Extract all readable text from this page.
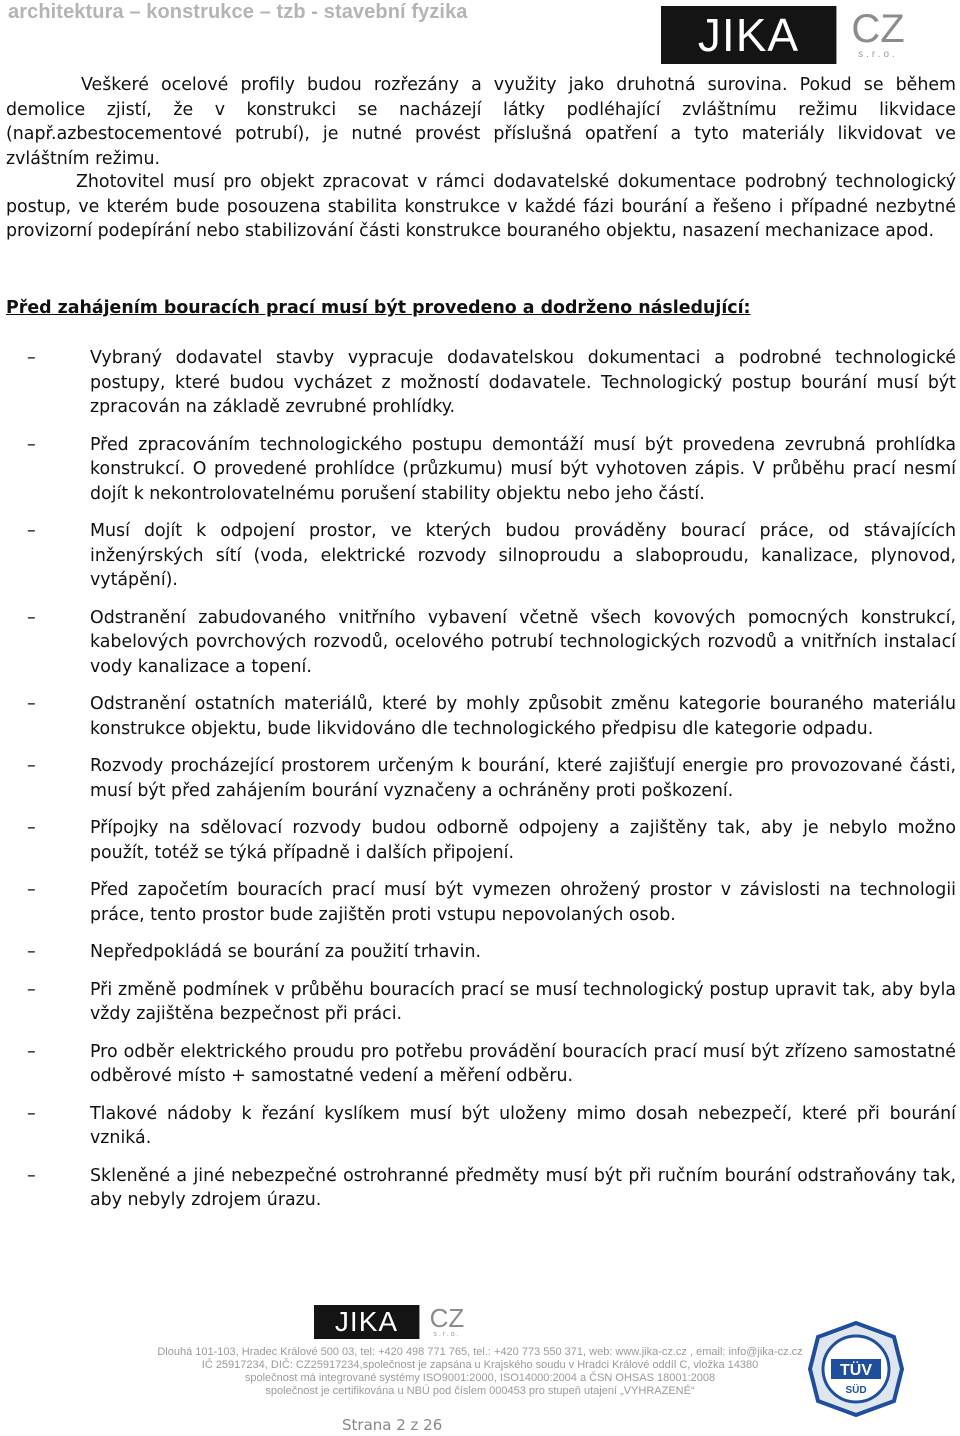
architektura – konstrukce – tzb - stavební fyzika	JIKA	CZ
s.r.o.
Veškeré ocelové profily budou rozřezány a využity jako druhotná surovina. Pokud se během demolice zjistí, že v konstrukci se nacházejí látky podléhající zvláštnímu režimu likvidace (např.azbestocementové potrubí), je nutné provést příslušná opatření a tyto materiály likvidovat ve zvláštním režimu.
Zhotovitel musí pro objekt zpracovat v rámci dodavatelské dokumentace podrobný technologický postup, ve kterém bude posouzena stabilita konstrukce v každé fázi bourání a řešeno i případné nezbytné provizorní podepírání nebo stabilizování části konstrukce bouraného objektu, nasazení mechanizace apod.
Před zahájením bouracích prací musí být provedeno a dodrženo následující:
–	Vybraný dodavatel stavby vypracuje dodavatelskou dokumentaci a podrobné technologické postupy, které budou vycházet z možností dodavatele. Technologický postup bourání musí být zpracován na základě zevrubné prohlídky.
–	Před zpracováním technologického postupu demontáží musí být provedena zevrubná prohlídka konstrukcí. O provedené prohlídce (průzkumu) musí být vyhotoven zápis. V průběhu prací nesmí dojít k nekontrolovatelnému porušení stability objektu nebo jeho částí.
–	Musí dojít k odpojení prostor, ve kterých budou prováděny bourací práce, od stávajících inženýrských sítí (voda, elektrické rozvody silnoproudu a slaboproudu, kanalizace, plynovod, vytápění).
–	Odstranění zabudovaného vnitřního vybavení včetně všech kovových pomocných konstrukcí, kabelových povrchových rozvodů, ocelového potrubí technologických rozvodů a vnitřních instalací vody kanalizace a topení.
–	Odstranění ostatních materiálů, které by mohly způsobit změnu kategorie bouraného materiálu konstrukce objektu, bude likvidováno dle technologického předpisu dle kategorie odpadu.
–	Rozvody procházející prostorem určeným k bourání, které zajišťují energie pro provozované části, musí být před zahájením bourání vyznačeny a ochráněny proti poškození.
–	Přípojky na sdělovací rozvody budou odborně odpojeny a zajištěny tak, aby je nebylo možno použít, totéž se týká případně i dalších připojení.
–	Před započetím bouracích prací musí být vymezen ohrožený prostor v závislosti na technologii práce, tento prostor bude zajištěn proti vstupu nepovolaných osob.
–	Nepředpokládá se bourání za použití trhavin.
–	Při změně podmínek v průběhu bouracích prací se musí technologický postup upravit tak, aby byla vždy zajištěna bezpečnost při práci.
–	Pro odběr elektrického proudu pro potřebu provádění bouracích prací musí být zřízeno samostatné odběrové místo + samostatné vedení a měření odběru.
–	Tlakové nádoby k řezání kyslíkem musí být uloženy mimo dosah nebezpečí, které při bourání vzniká.
–	Skleněné a jiné nebezpečné ostrohranné předměty musí být při ručním bourání odstraňovány tak, aby nebyly zdrojem úrazu.
JIKA	CZ
s.r.o.
Dlouhá 101-103, Hradec Králové 500 03, tel: +420 498 771 765, tel.: +420 773 550 371, web: www.jika-cz.cz , email: info@jika-cz.cz
IČ 25917234, DIČ: CZ25917234,společnost je zapsána u Krajského soudu v Hradci Králové oddíl C, vložka 14380
společnost má integrované systémy ISO9001:2000, ISO14000:2004 a ČSN OHSAS 18001:2008
společnost je certifikována u NBÚ pod číslem 000453 pro stupeň utajení „VYHRAZENÉ“
TÜV
SÜD
Strana 2 z 26
